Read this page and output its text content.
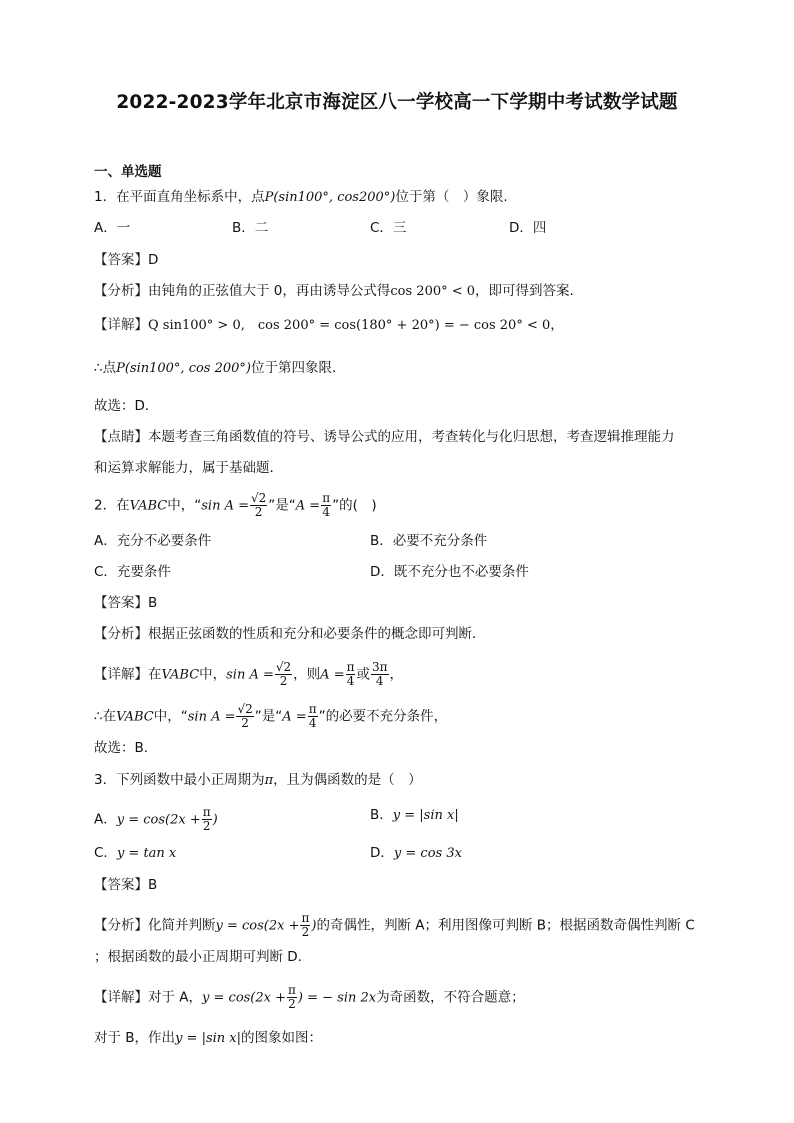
2022-2023学年北京市海淀区八一学校高一下学期中考试数学试题
一、单选题
1．在平面直角坐标系中，点P(sin100°, cos200°)位于第（　）象限.
A．一	B．二	C．三	D．四
【答案】D
【分析】由钝角的正弦值大于 0，再由诱导公式得cos 200° < 0，即可得到答案.
【详解】Q sin100° > 0,　cos 200° = cos(180° + 20°) = − cos 20° < 0，
∴点P(sin100°, cos 200°)位于第四象限．
故选：D．
【点睛】本题考查三角函数值的符号、诱导公式的应用，考查转化与化归思想，考查逻辑推理能力
和运算求解能力，属于基础题．
2．在VABC中，“sin $A = \frac{√2}{2}$ ”是“$A = \frac{\pi}{4}$ ”的(　)
A．充分不必要条件	B．必要不充分条件
C．充要条件	D．既不充分也不必要条件
【答案】B
【分析】根据正弦函数的性质和充分和必要条件的概念即可判断．
【详解】在VABC中，$\sin A = \frac{√2}{2}$ ，则$A = \frac{\pi}{4}$ 或 $\frac{3\pi}{4}$ ，
∴在VABC中，“sin $A = \frac{√2}{2}$ ”是“$A = \frac{\pi}{4}$ ”的必要不充分条件，
故选：B．
3．下列函数中最小正周期为π，且为偶函数的是（　）
A．$y = \cos(2x + \frac{\pi}{2}$ )	B．y = |sin x|
C．y = tan x	D．y = cos 3x
【答案】B
【分析】化简并判断$y = \cos(2x + \frac{\pi}{2}$ )的奇偶性，判断 A；利用图像可判断 B；根据函数奇偶性判断 C
；根据函数的最小正周期可判断 D.
【详解】对于 A，$y = \cos(2x + \frac{\pi}{2}$ ) = − sin 2x为奇函数，不符合题意；
对于 B，作出y = |sin x|的图象如图：
